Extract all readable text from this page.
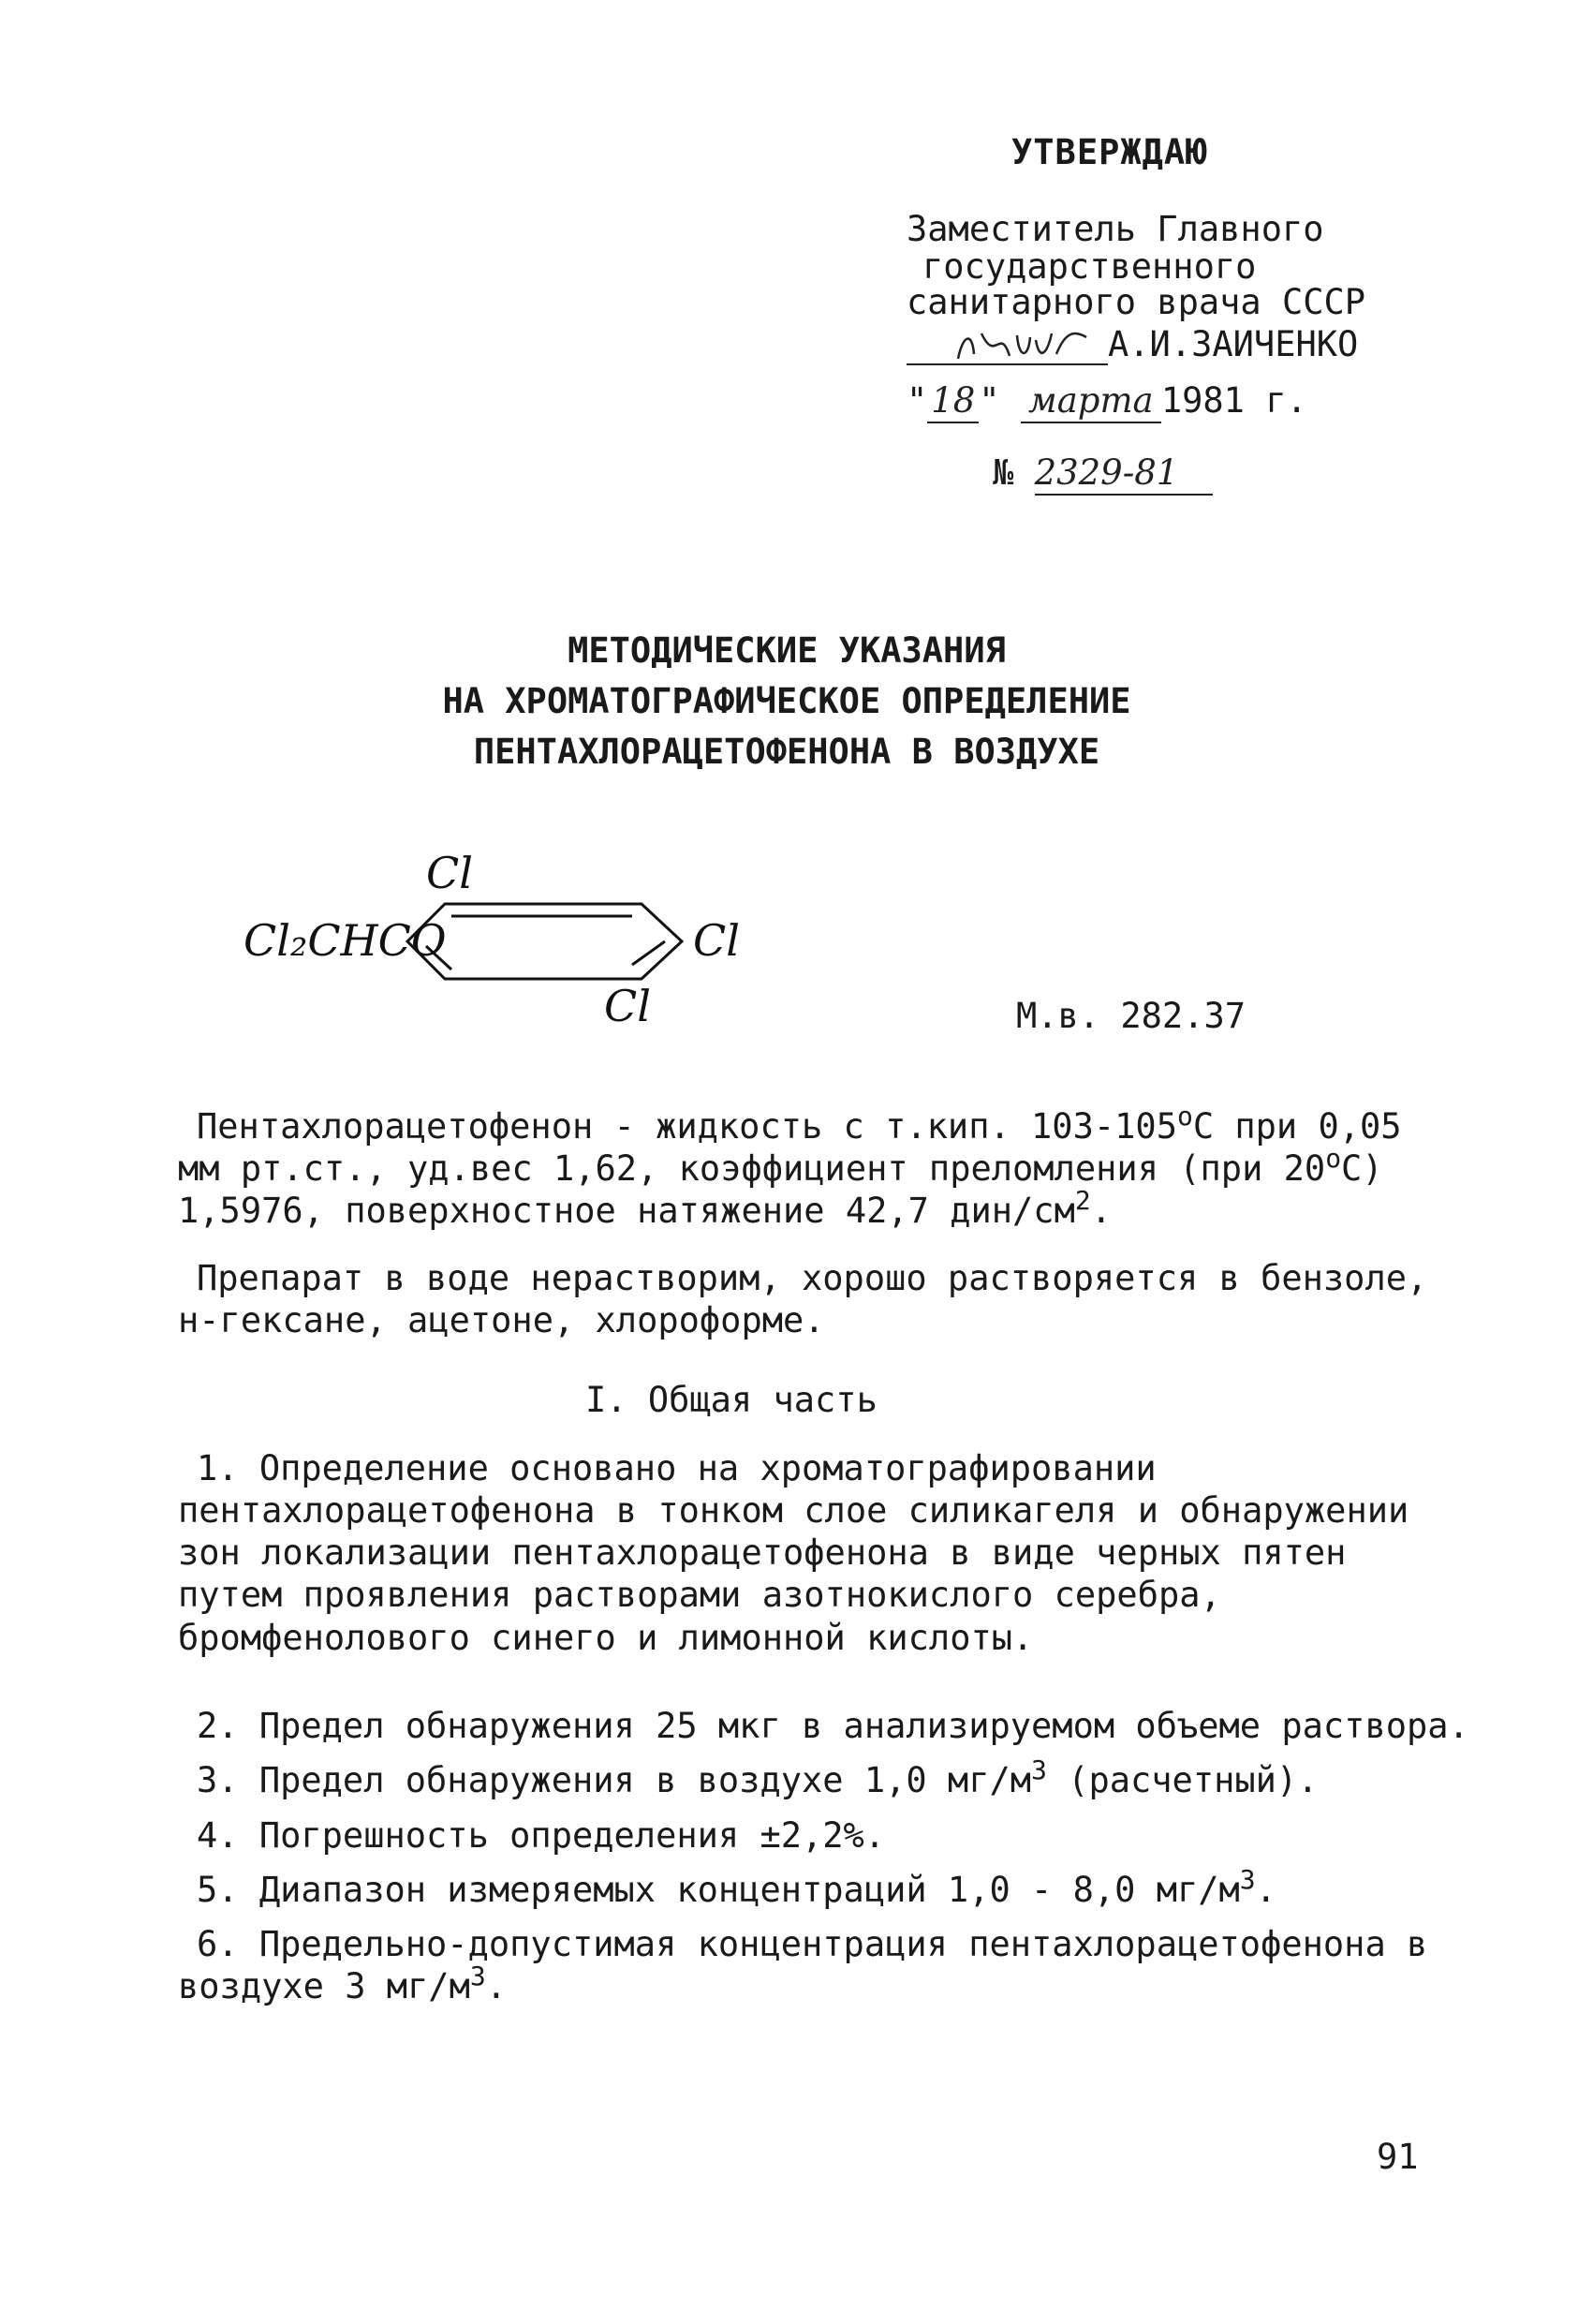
УТВЕРЖДАЮ
Заместитель Главного
государственного
санитарного врача СССР
А.И.ЗАИЧЕНКО
" 18 " марта 1981 г.
№ 2329-81
МЕТОДИЧЕСКИЕ УКАЗАНИЯ
НА ХРОМАТОГРАФИЧЕСКОЕ ОПРЕДЕЛЕНИЕ
ПЕНТАХЛОРАЦЕТОФЕНОНА В ВОЗДУХЕ
Cl₂CHCO
Cl
Cl
Cl	М.в. 282.37
Пентахлорацетофенон - жидкость с т.кип. $103-105^оС$ при 0,05 мм рт.ст., уд.вес 1,62, коэффициент преломления (при $20^оС$) 1,5976, поверхностное натяжение 42,7 дин/$см^2$.
Препарат в воде нерастворим, хорошо растворяется в бензоле, н-гексане, ацетоне, хлороформе.
I. Общая часть
1. Определение основано на хроматографировании пентахлорацетофенона в тонком слое силикагеля и обнаружении зон локализации пентахлорацетофенона в виде черных пятен путем проявления растворами азотнокислого серебра, бромфенолового синего и лимонной кислоты.
2. Предел обнаружения 25 мкг в анализируемом объеме раствора.
3. Предел обнаружения в воздухе 1,0 $мг/м^3$ (расчетный).
4. Погрешность определения ±2,2%.
5. Диапазон измеряемых концентраций 1,0 - 8,0 $мг/м^3$.
6. Предельно-допустимая концентрация пентахлорацетофенона в воздухе 3 $мг/м^3$.
91
